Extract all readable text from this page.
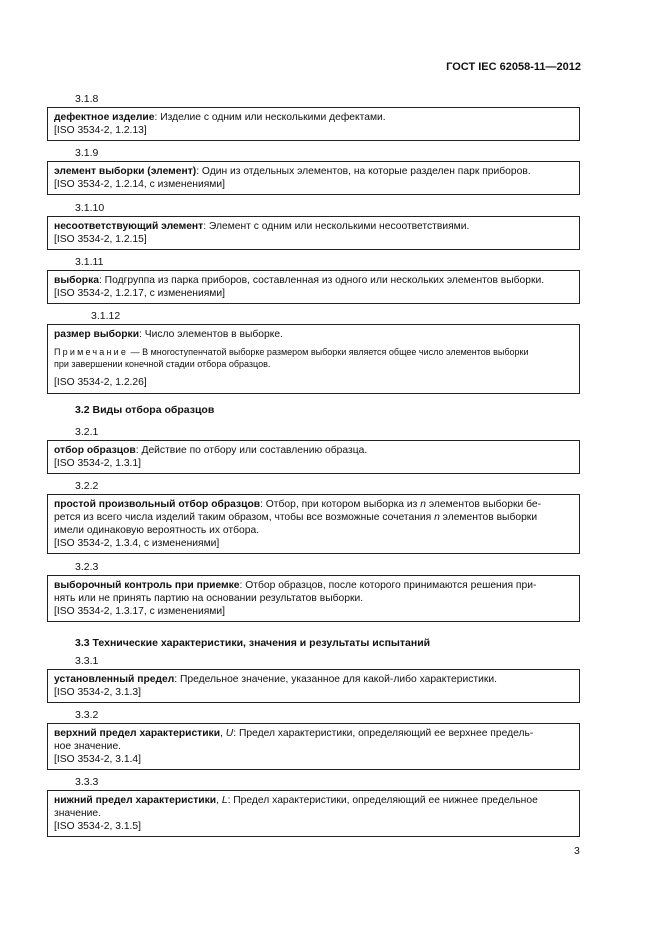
ГОСТ IEC 62058-11—2012
3.1.8

дефектное изделие: Изделие с одним или несколькими дефектами.

[ISO 3534-2, 1.2.13]

3.1.9

элемент выборки (элемент): Один из отдельных элементов, на которые разделен парк приборов.

[ISO 3534-2, 1.2.14, с изменениями]

3.1.10

несоответствующий элемент: Элемент с одним или несколькими несоответствиями.

[ISO 3534-2, 1.2.15]

3.1.11

выборка: Подгруппа из парка приборов, составленная из одного или нескольких элементов выборки.

[ISO 3534-2, 1.2.17, с изменениями]

3.1.12

размер выборки: Число элементов в выборке.

Примечание — В многоступенчатой выборке размером выборки является общее число элементов выборки
при завершении конечной стадии отбора образцов.

[ISO 3534-2, 1.2.26]

3.2 Виды отбора образцов
3.2.1

отбор образцов: Действие по отбору или составлению образца.

[ISO 3534-2, 1.3.1]

3.2.2

простой произвольный отбор образцов: Отбор, при котором выборка из n элементов выборки бе-

рется из всего числа изделий таким образом, чтобы все возможные сочетания n элементов выборки

имели одинаковую вероятность их отбора.

[ISO 3534-2, 1.3.4, с изменениями]

3.2.3

выборочный контроль при приемке: Отбор образцов, после которого принимаются решения при-

нять или не принять партию на основании результатов выборки.

[ISO 3534-2, 1.3.17, с изменениями]

3.3 Технические характеристики, значения и результаты испытаний
3.3.1

установленный предел: Предельное значение, указанное для какой-либо характеристики.

[ISO 3534-2, 3.1.3]

3.3.2

верхний предел характеристики, U: Предел характеристики, определяющий ее верхнее предель-

ное значение.

[ISO 3534-2, 3.1.4]

3.3.3

нижний предел характеристики, L: Предел характеристики, определяющий ее нижнее предельное

значение.

[ISO 3534-2, 3.1.5]

3
